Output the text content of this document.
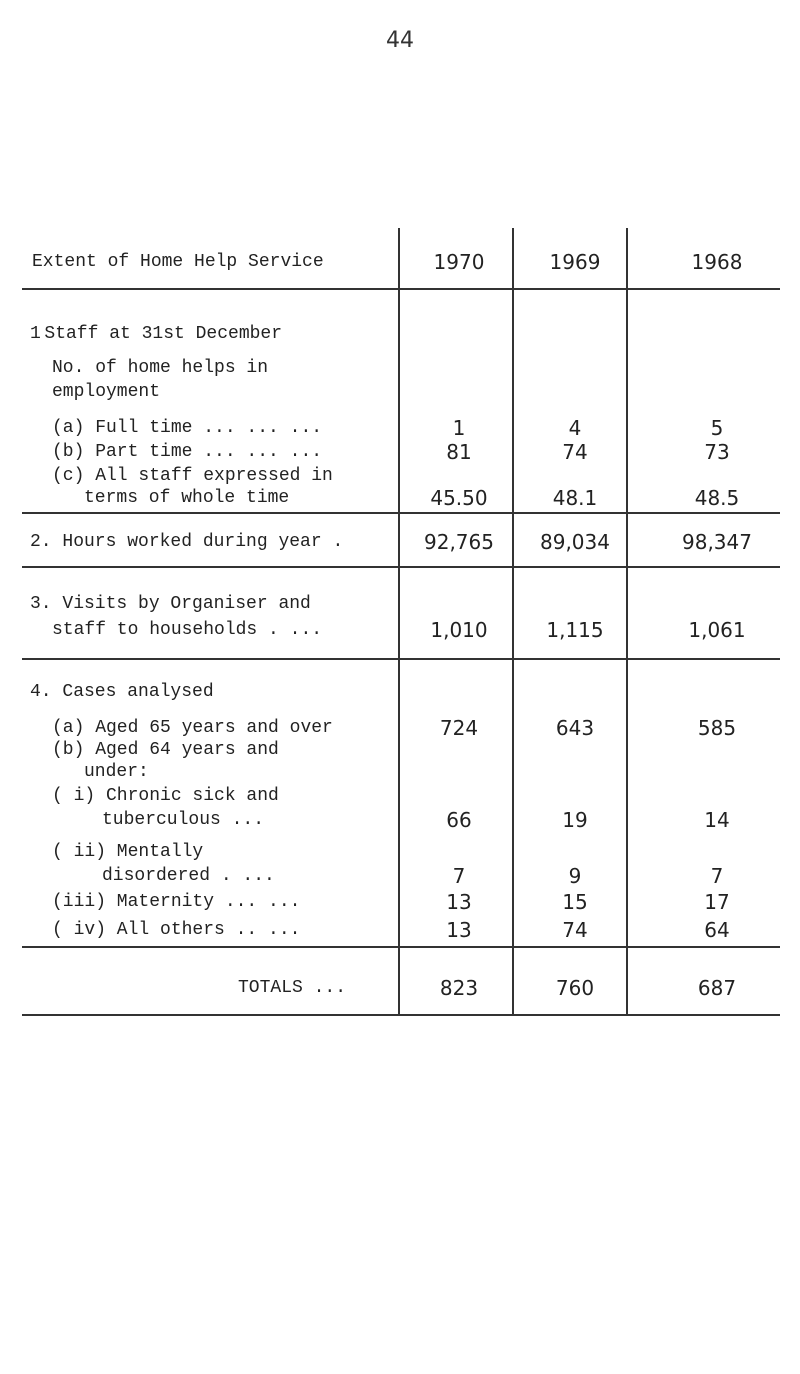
44
Extent of Home Help Service	1970	1969	1968
1 Staff at 31st December
No. of home helps in
employment
(a) Full time ... ... ...	1	4	5
(b) Part time ... ... ...	81	74	73
(c) All staff expressed in
terms of whole time	45.50	48.1	48.5
2. Hours worked during year .	92,765	89,034	98,347
3. Visits by Organiser and
staff to households . ...	1,010	1,115	1,061
4. Cases analysed
(a) Aged 65 years and over	724	643	585
(b) Aged 64 years and
under:
( i) Chronic sick and
tuberculous ...	66	19	14
( ii) Mentally
disordered . ...	7	9	7
(iii) Maternity ... ...	13	15	17
( iv) All others .. ...	13	74	64
TOTALS ...	823	760	687
